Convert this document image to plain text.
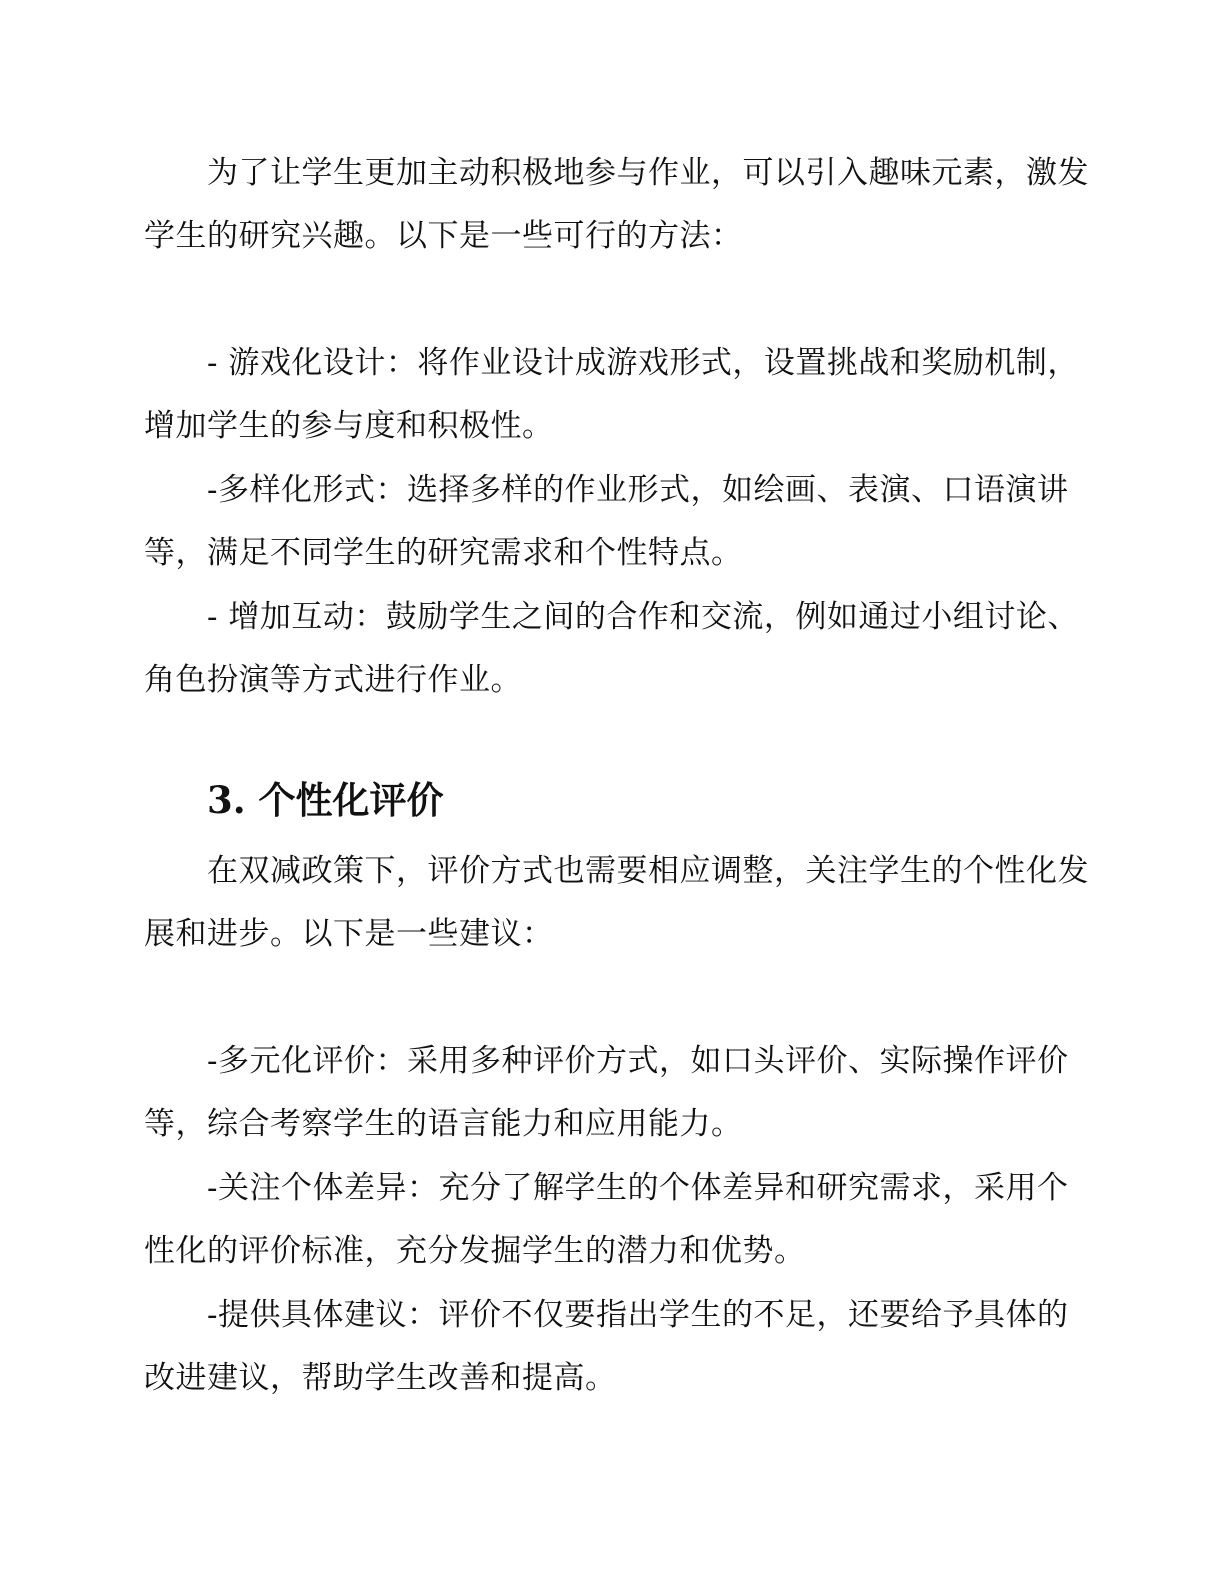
为了让学生更加主动积极地参与作业，可以引入趣味元素，激发学生的研究兴趣。以下是一些可行的方法：

- 游戏化设计：将作业设计成游戏形式，设置挑战和奖励机制，增加学生的参与度和积极性。

-多样化形式：选择多样的作业形式，如绘画、表演、口语演讲等，满足不同学生的研究需求和个性特点。

- 增加互动：鼓励学生之间的合作和交流，例如通过小组讨论、角色扮演等方式进行作业。

3. 个性化评价

在双减政策下，评价方式也需要相应调整，关注学生的个性化发展和进步。以下是一些建议：

-多元化评价：采用多种评价方式，如口头评价、实际操作评价等，综合考察学生的语言能力和应用能力。

-关注个体差异：充分了解学生的个体差异和研究需求，采用个性化的评价标准，充分发掘学生的潜力和优势。

-提供具体建议：评价不仅要指出学生的不足，还要给予具体的改进建议，帮助学生改善和提高。
